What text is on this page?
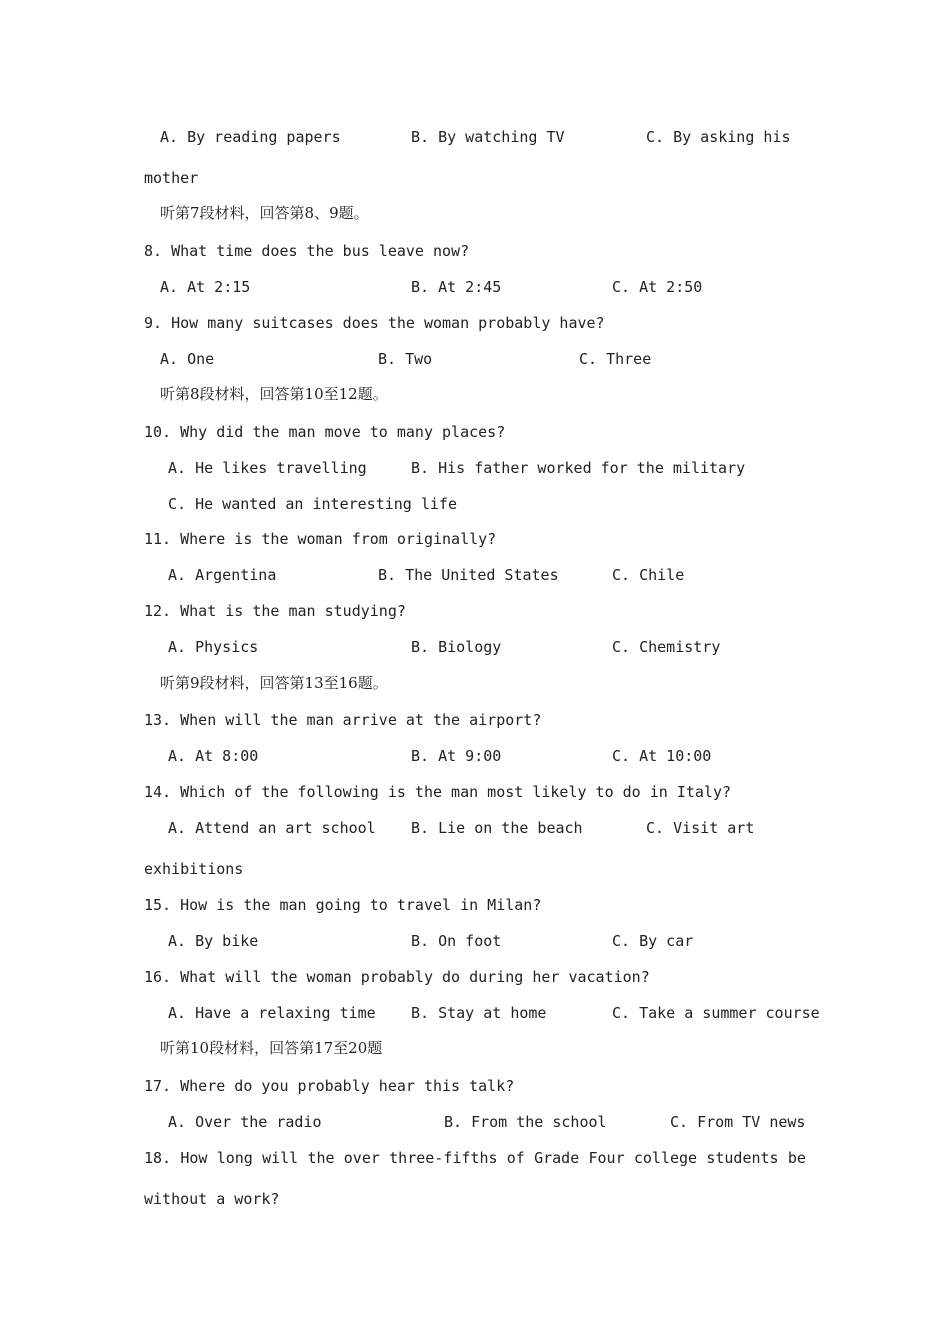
A. By reading papers	B. By watching TV	C. By asking his
mother
听第7段材料，回答第8、9题。
8. What time does the bus leave now?
A. At 2:15	B. At 2:45	C. At 2:50
9. How many suitcases does the woman probably have?
A. One	B. Two	C. Three
听第8段材料，回答第10至12题。
10. Why did the man move to many places?
A. He likes travelling	B. His father worked for the military
C. He wanted an interesting life
11. Where is the woman from originally?
A. Argentina	B. The United States	C. Chile
12. What is the man studying?
A. Physics	B. Biology	C. Chemistry
听第9段材料，回答第13至16题。
13. When will the man arrive at the airport?
A. At 8:00	B. At 9:00	C. At 10:00
14. Which of the following is the man most likely to do in Italy?
A. Attend an art school B. Lie on the beach	C. Visit art
exhibitions
15. How is the man going to travel in Milan?
A. By bike	B. On foot	C. By car
16. What will the woman probably do during her vacation?
A. Have a relaxing time B. Stay at home	C. Take a summer course
听第10段材料，回答第17至20题
17. Where do you probably hear this talk?
A. Over the radio	B. From the school	C. From TV news
18. How long will the over three-fifths of Grade Four college students be
without a work?
